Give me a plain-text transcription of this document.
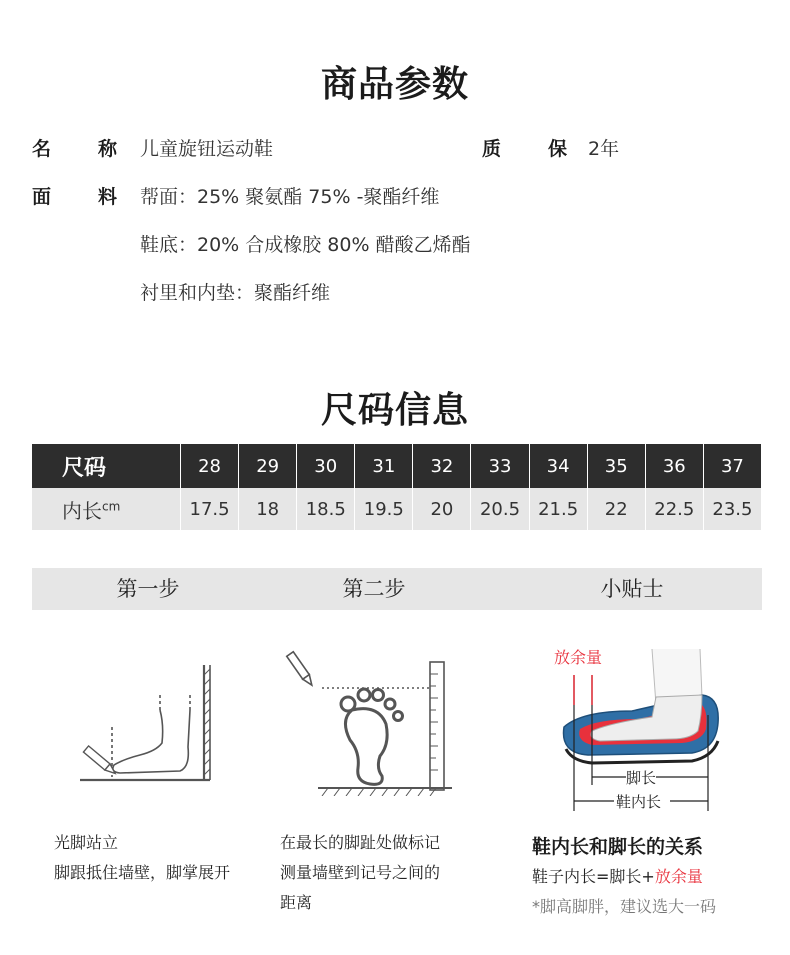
商品参数
名 称 儿童旋钮运动鞋	质 保 2年
面 料 帮面：25% 聚氨酯 75% -聚酯纤维
鞋底：20% 合成橡胶 80% 醋酸乙烯酯
衬里和内垫：聚酯纤维
尺码信息
尺码	28	29	30	31	32	33	34	35	36	37
内长$^{cm}$	17.5	18	18.5	19.5	20	20.5	21.5	22	22.5	23.5
第一步	第二步	小贴士
放余量
脚长
鞋内长
光脚站立
脚跟抵住墙壁，脚掌展开
在最长的脚趾处做标记
测量墙壁到记号之间的
距离
鞋内长和脚长的关系
鞋子内长=脚长+放余量
*脚高脚胖，建议选大一码
